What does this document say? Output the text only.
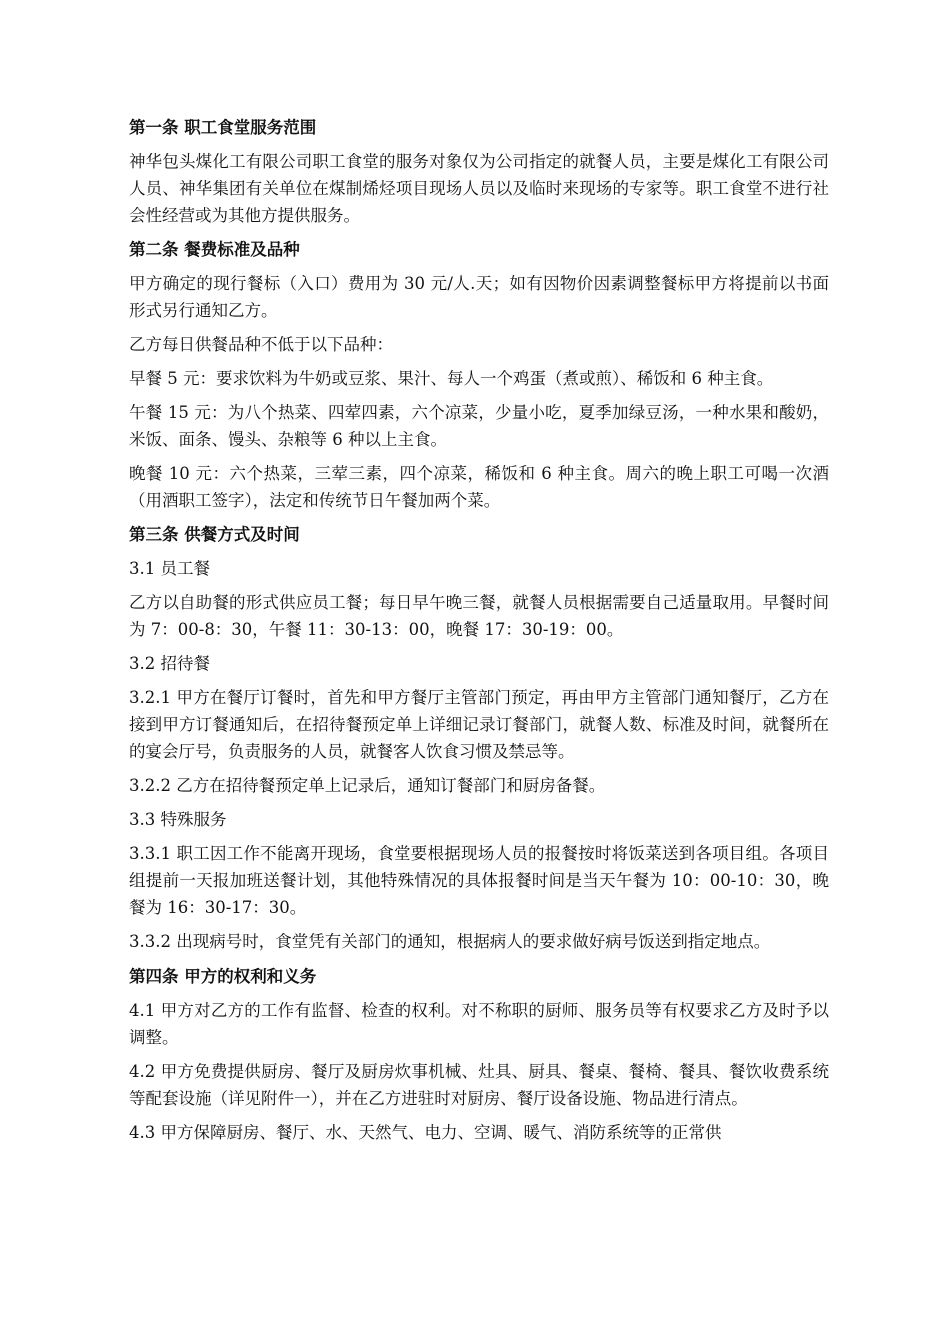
第一条 职工食堂服务范围
神华包头煤化工有限公司职工食堂的服务对象仅为公司指定的就餐人员，主要是煤化工有限公司人员、神华集团有关单位在煤制烯烃项目现场人员以及临时来现场的专家等。职工食堂不进行社会性经营或为其他方提供服务。
第二条 餐费标准及品种
甲方确定的现行餐标（入口）费用为 30 元/人.天；如有因物价因素调整餐标甲方将提前以书面形式另行通知乙方。
乙方每日供餐品种不低于以下品种：
早餐 5 元：要求饮料为牛奶或豆浆、果汁、每人一个鸡蛋（煮或煎）、稀饭和 6 种主食。
午餐 15 元：为八个热菜、四荤四素，六个凉菜，少量小吃，夏季加绿豆汤，一种水果和酸奶，米饭、面条、馒头、杂粮等 6 种以上主食。
晚餐 10 元：六个热菜，三荤三素，四个凉菜，稀饭和 6 种主食。周六的晚上职工可喝一次酒（用酒职工签字），法定和传统节日午餐加两个菜。
第三条 供餐方式及时间
3.1 员工餐
乙方以自助餐的形式供应员工餐；每日早午晚三餐，就餐人员根据需要自己适量取用。早餐时间为 7：00-8：30，午餐 11：30-13：00，晚餐 17：30-19：00。
3.2 招待餐
3.2.1 甲方在餐厅订餐时，首先和甲方餐厅主管部门预定，再由甲方主管部门通知餐厅，乙方在接到甲方订餐通知后，在招待餐预定单上详细记录订餐部门，就餐人数、标准及时间，就餐所在的宴会厅号，负责服务的人员，就餐客人饮食习惯及禁忌等。
3.2.2 乙方在招待餐预定单上记录后，通知订餐部门和厨房备餐。
3.3 特殊服务
3.3.1 职工因工作不能离开现场，食堂要根据现场人员的报餐按时将饭菜送到各项目组。各项目组提前一天报加班送餐计划，其他特殊情况的具体报餐时间是当天午餐为 10：00-10：30，晚餐为 16：30-17：30。
3.3.2 出现病号时，食堂凭有关部门的通知，根据病人的要求做好病号饭送到指定地点。
第四条 甲方的权利和义务
4.1 甲方对乙方的工作有监督、检查的权利。对不称职的厨师、服务员等有权要求乙方及时予以调整。
4.2 甲方免费提供厨房、餐厅及厨房炊事机械、灶具、厨具、餐桌、餐椅、餐具、餐饮收费系统等配套设施（详见附件一），并在乙方进驻时对厨房、餐厅设备设施、物品进行清点。
4.3 甲方保障厨房、餐厅、水、天然气、电力、空调、暖气、消防系统等的正常供
